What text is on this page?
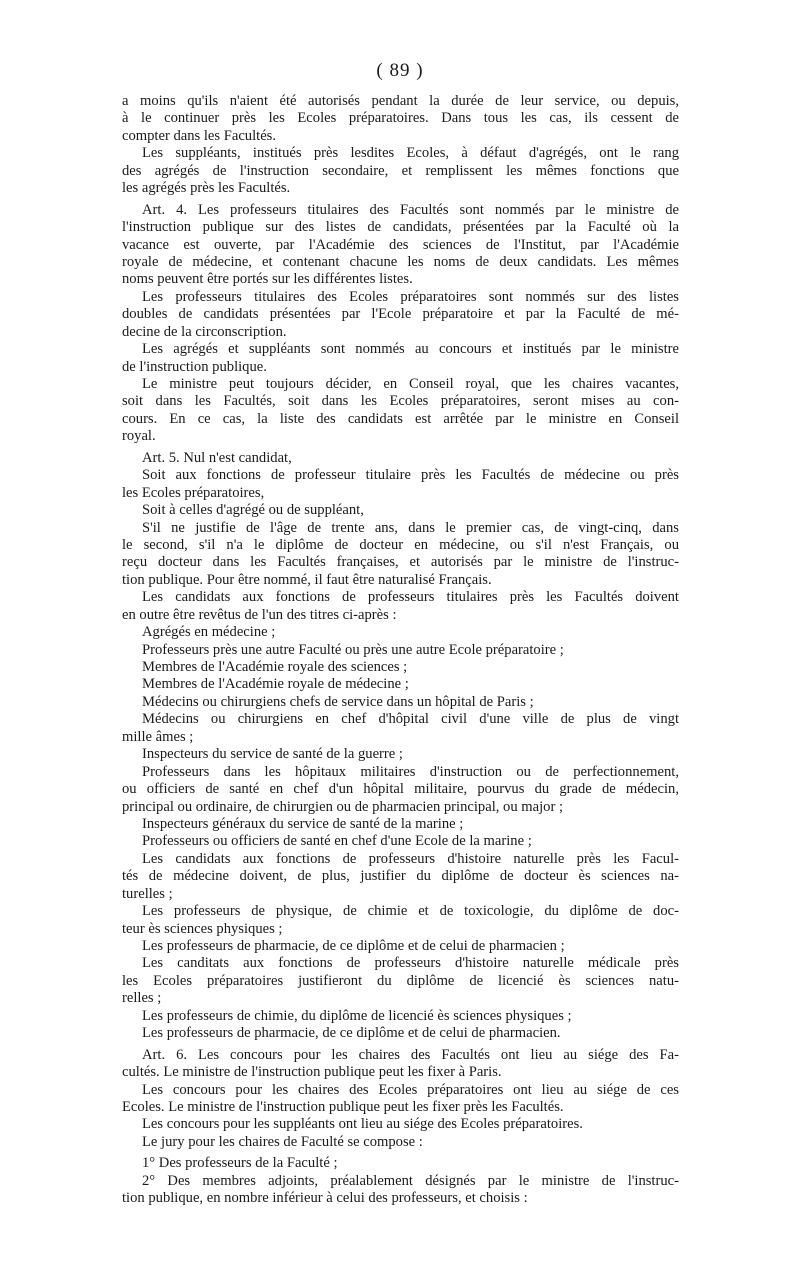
( 89 )
a moins qu'ils n'aient été autorisés pendant la durée de leur service, ou depuis,
à le continuer près les Ecoles préparatoires. Dans tous les cas, ils cessent de
compter dans les Facultés.
Les suppléants, institués près lesdites Ecoles, à défaut d'agrégés, ont le rang
des agrégés de l'instruction secondaire, et remplissent les mêmes fonctions que
les agrégés près les Facultés.
Art. 4. Les professeurs titulaires des Facultés sont nommés par le ministre de
l'instruction publique sur des listes de candidats, présentées par la Faculté où la
vacance est ouverte, par l'Académie des sciences de l'Institut, par l'Académie
royale de médecine, et contenant chacune les noms de deux candidats. Les mêmes
noms peuvent être portés sur les différentes listes.
Les professeurs titulaires des Ecoles préparatoires sont nommés sur des listes
doubles de candidats présentées par l'Ecole préparatoire et par la Faculté de mé-
decine de la circonscription.
Les agrégés et suppléants sont nommés au concours et institués par le ministre
de l'instruction publique.
Le ministre peut toujours décider, en Conseil royal, que les chaires vacantes,
soit dans les Facultés, soit dans les Ecoles préparatoires, seront mises au con-
cours. En ce cas, la liste des candidats est arrêtée par le ministre en Conseil
royal.
Art. 5. Nul n'est candidat,
Soit aux fonctions de professeur titulaire près les Facultés de médecine ou près
les Ecoles préparatoires,
Soit à celles d'agrégé ou de suppléant,
S'il ne justifie de l'âge de trente ans, dans le premier cas, de vingt-cinq, dans
le second, s'il n'a le diplôme de docteur en médecine, ou s'il n'est Français, ou
reçu docteur dans les Facultés françaises, et autorisés par le ministre de l'instruc-
tion publique. Pour être nommé, il faut être naturalisé Français.
Les candidats aux fonctions de professeurs titulaires près les Facultés doivent
en outre être revêtus de l'un des titres ci-après :
Agrégés en médecine ;
Professeurs près une autre Faculté ou près une autre Ecole préparatoire ;
Membres de l'Académie royale des sciences ;
Membres de l'Académie royale de médecine ;
Médecins ou chirurgiens chefs de service dans un hôpital de Paris ;
Médecins ou chirurgiens en chef d'hôpital civil d'une ville de plus de vingt
mille âmes ;
Inspecteurs du service de santé de la guerre ;
Professeurs dans les hôpitaux militaires d'instruction ou de perfectionnement,
ou officiers de santé en chef d'un hôpital militaire, pourvus du grade de médecin,
principal ou ordinaire, de chirurgien ou de pharmacien principal, ou major ;
Inspecteurs généraux du service de santé de la marine ;
Professeurs ou officiers de santé en chef d'une Ecole de la marine ;
Les candidats aux fonctions de professeurs d'histoire naturelle près les Facul-
tés de médecine doivent, de plus, justifier du diplôme de docteur ès sciences na-
turelles ;
Les professeurs de physique, de chimie et de toxicologie, du diplôme de doc-
teur ès sciences physiques ;
Les professeurs de pharmacie, de ce diplôme et de celui de pharmacien ;
Les canditats aux fonctions de professeurs d'histoire naturelle médicale près
les Ecoles préparatoires justifieront du diplôme de licencié ès sciences natu-
relles ;
Les professeurs de chimie, du diplôme de licencié ès sciences physiques ;
Les professeurs de pharmacie, de ce diplôme et de celui de pharmacien.
Art. 6. Les concours pour les chaires des Facultés ont lieu au siége des Fa-
cultés. Le ministre de l'instruction publique peut les fixer à Paris.
Les concours pour les chaires des Ecoles préparatoires ont lieu au siége de ces
Ecoles. Le ministre de l'instruction publique peut les fixer près les Facultés.
Les concours pour les suppléants ont lieu au siége des Ecoles préparatoires.
Le jury pour les chaires de Faculté se compose :
1° Des professeurs de la Faculté ;
2° Des membres adjoints, préalablement désignés par le ministre de l'instruc-
tion publique, en nombre inférieur à celui des professeurs, et choisis :
